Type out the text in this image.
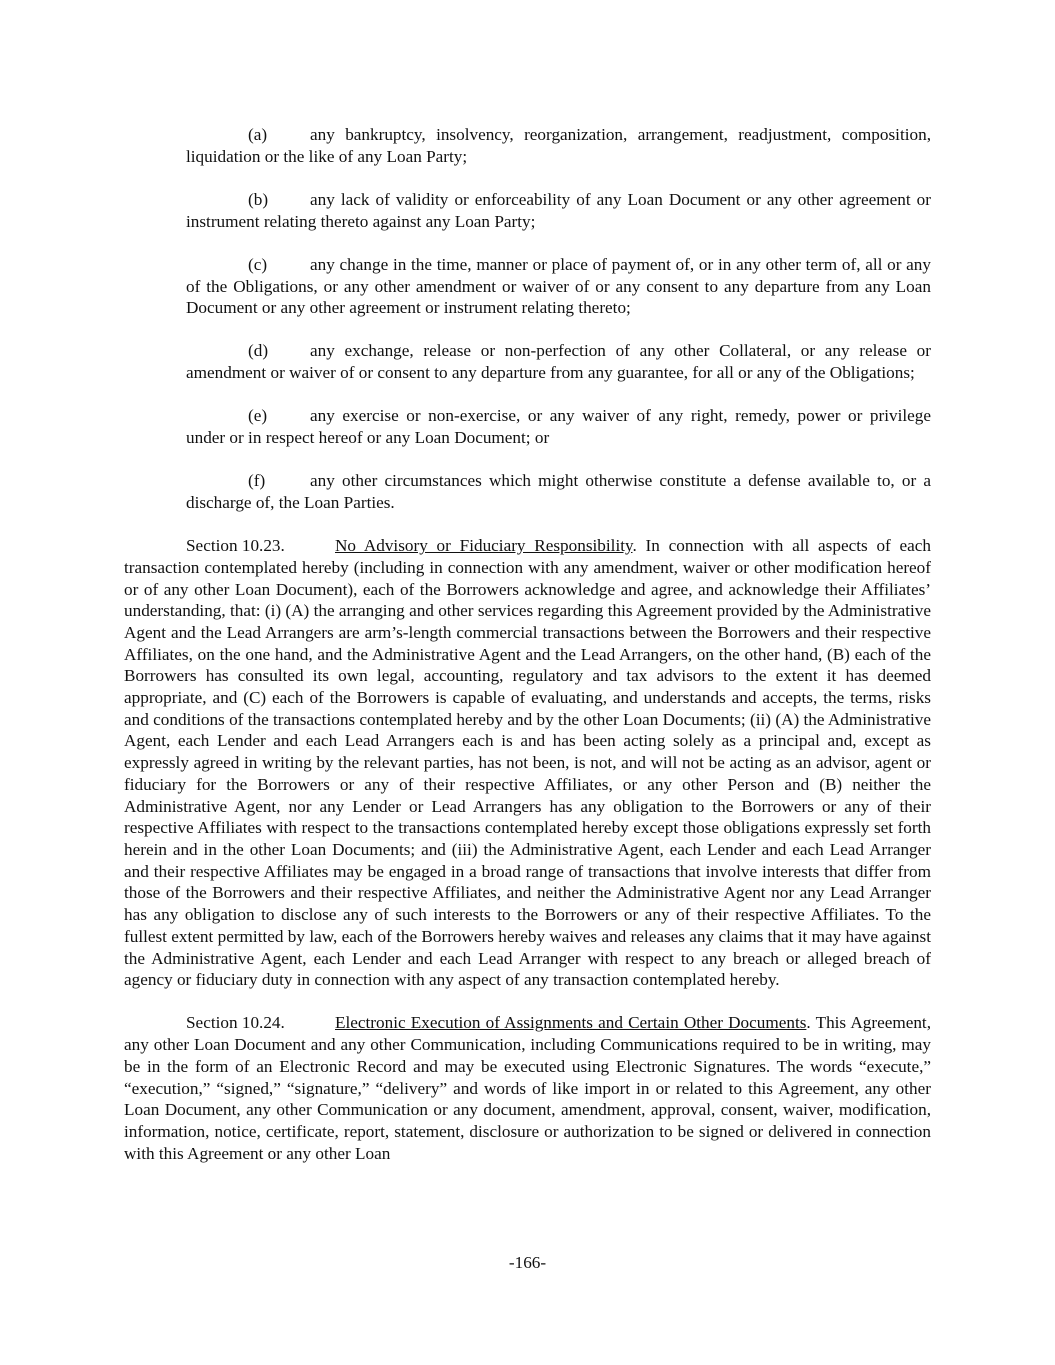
(a) any bankruptcy, insolvency, reorganization, arrangement, readjustment, composition, liquidation or the like of any Loan Party;

(b) any lack of validity or enforceability of any Loan Document or any other agreement or instrument relating thereto against any Loan Party;

(c) any change in the time, manner or place of payment of, or in any other term of, all or any of the Obligations, or any other amendment or waiver of or any consent to any departure from any Loan Document or any other agreement or instrument relating thereto;

(d) any exchange, release or non-perfection of any other Collateral, or any release or amendment or waiver of or consent to any departure from any guarantee, for all or any of the Obligations;

(e) any exercise or non-exercise, or any waiver of any right, remedy, power or privilege under or in respect hereof or any Loan Document; or

(f)	any other circumstances which might otherwise constitute a defense available to, or a discharge of, the Loan Parties.

Section 10.23.	No Advisory or Fiduciary Responsibility. In connection with all aspects of each transaction contemplated hereby (including in connection with any amendment, waiver or other modification hereof or of any other Loan Document), each of the Borrowers acknowledge and agree, and acknowledge their Affiliates’ understanding, that: (i) (A) the arranging and other services regarding this Agreement provided by the Administrative Agent and the Lead Arrangers are arm’s-length commercial transactions between the Borrowers and their respective Affiliates, on the one hand, and the Administrative Agent and the Lead Arrangers, on the other hand, (B) each of the Borrowers has consulted its own legal, accounting, regulatory and tax advisors to the extent it has deemed appropriate, and (C) each of the Borrowers is capable of evaluating, and understands and accepts, the terms, risks and conditions of the transactions contemplated hereby and by the other Loan Documents; (ii) (A) the Administrative Agent, each Lender and each Lead Arrangers each is and has been acting solely as a principal and, except as expressly agreed in writing by the relevant parties, has not been, is not, and will not be acting as an advisor, agent or fiduciary for the Borrowers or any of their respective Affiliates, or any other Person and (B) neither the Administrative Agent, nor any Lender or Lead Arrangers has any obligation to the Borrowers or any of their respective Affiliates with respect to the transactions contemplated hereby except those obligations expressly set forth herein and in the other Loan Documents; and (iii) the Administrative Agent, each Lender and each Lead Arranger and their respective Affiliates may be engaged in a broad range of transactions that involve interests that differ from those of the Borrowers and their respective Affiliates, and neither the Administrative Agent nor any Lead Arranger has any obligation to disclose any of such interests to the Borrowers or any of their respective Affiliates. To the fullest extent permitted by law, each of the Borrowers hereby waives and releases any claims that it may have against the Administrative Agent, each Lender and each Lead Arranger with respect to any breach or alleged breach of agency or fiduciary duty in connection with any aspect of any transaction contemplated hereby.

Section 10.24.	Electronic Execution of Assignments and Certain Other Documents. This Agreement, any other Loan Document and any other Communication, including Communications required to be in writing, may be in the form of an Electronic Record and may be executed using Electronic Signatures. The words “execute,” “execution,” “signed,” “signature,” “delivery” and words of like import in or related to this Agreement, any other Loan Document, any other Communication or any document, amendment, approval, consent, waiver, modification, information, notice, certificate, report, statement, disclosure or authorization to be signed or delivered in connection with this Agreement or any other Loan

-166-
